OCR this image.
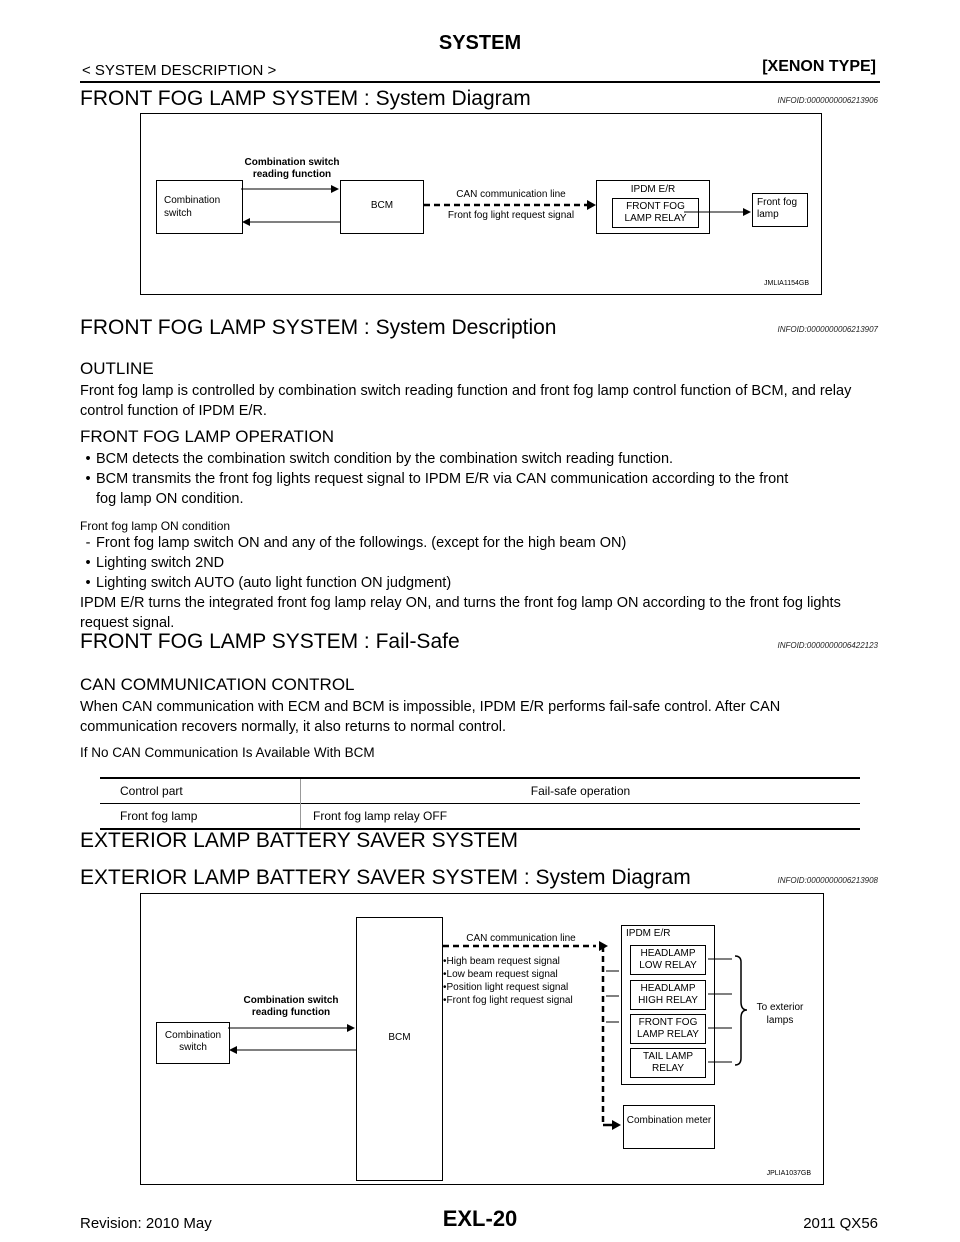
SYSTEM
< SYSTEM DESCRIPTION >	[XENON TYPE]
FRONT FOG LAMP SYSTEM : System Diagram	INFOID:0000000006213906
Combination switch
Combination switch reading function
BCM
CAN communication line
Front fog light request signal
IPDM E/R
FRONT FOG LAMP RELAY
Front fog lamp
JMLIA1154GB
FRONT FOG LAMP SYSTEM : System Description	INFOID:0000000006213907
OUTLINE
Front fog lamp is controlled by combination switch reading function and front fog lamp control function of BCM, and relay control function of IPDM E/R.
FRONT FOG LAMP OPERATION
• BCM detects the combination switch condition by the combination switch reading function.
• BCM transmits the front fog lights request signal to IPDM E/R via CAN communication according to the front
fog lamp ON condition.
Front fog lamp ON condition
- Front fog lamp switch ON and any of the followings. (except for the high beam ON)
• Lighting switch 2ND
• Lighting switch AUTO (auto light function ON judgment)
IPDM E/R turns the integrated front fog lamp relay ON, and turns the front fog lamp ON according to the front fog lights request signal.
FRONT FOG LAMP SYSTEM : Fail-Safe	INFOID:0000000006422123
CAN COMMUNICATION CONTROL
When CAN communication with ECM and BCM is impossible, IPDM E/R performs fail-safe control. After CAN communication recovers normally, it also returns to normal control.
If No CAN Communication Is Available With BCM
Control part	Fail-safe operation
Front fog lamp	Front fog lamp relay OFF
EXTERIOR LAMP BATTERY SAVER SYSTEM
EXTERIOR LAMP BATTERY SAVER SYSTEM : System Diagram	INFOID:0000000006213908
Combination switch
Combination switch reading function
BCM
CAN communication line
•High beam request signal
•Low beam request signal
•Position light request signal
•Front fog light request signal
IPDM E/R
HEADLAMP LOW RELAY
HEADLAMP HIGH RELAY
FRONT FOG LAMP RELAY
TAIL LAMP RELAY
To exterior lamps
Combination meter
JPLIA1037GB
Revision: 2010 May	EXL-20	2011 QX56
